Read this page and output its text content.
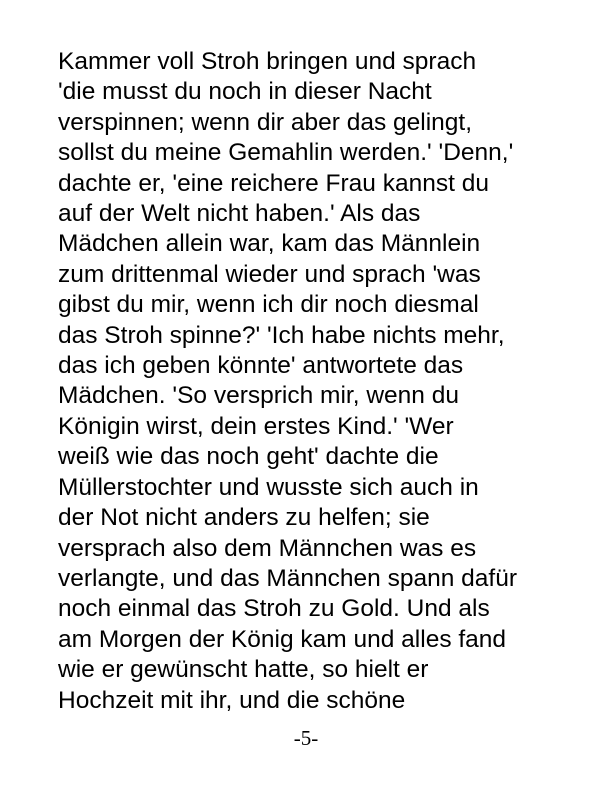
Kammer voll Stroh bringen und sprach
'die musst du noch in dieser Nacht
verspinnen; wenn dir aber das gelingt,
sollst du meine Gemahlin werden.' 'Denn,'
dachte er, 'eine reichere Frau kannst du
auf der Welt nicht haben.' Als das
Mädchen allein war, kam das Männlein
zum drittenmal wieder und sprach 'was
gibst du mir, wenn ich dir noch diesmal
das Stroh spinne?' 'Ich habe nichts mehr,
das ich geben könnte' antwortete das
Mädchen. 'So versprich mir, wenn du
Königin wirst, dein erstes Kind.' 'Wer
weiß wie das noch geht' dachte die
Müllerstochter und wusste sich auch in
der Not nicht anders zu helfen; sie
versprach also dem Männchen was es
verlangte, und das Männchen spann dafür
noch einmal das Stroh zu Gold. Und als
am Morgen der König kam und alles fand
wie er gewünscht hatte, so hielt er
Hochzeit mit ihr, und die schöne
-5-
